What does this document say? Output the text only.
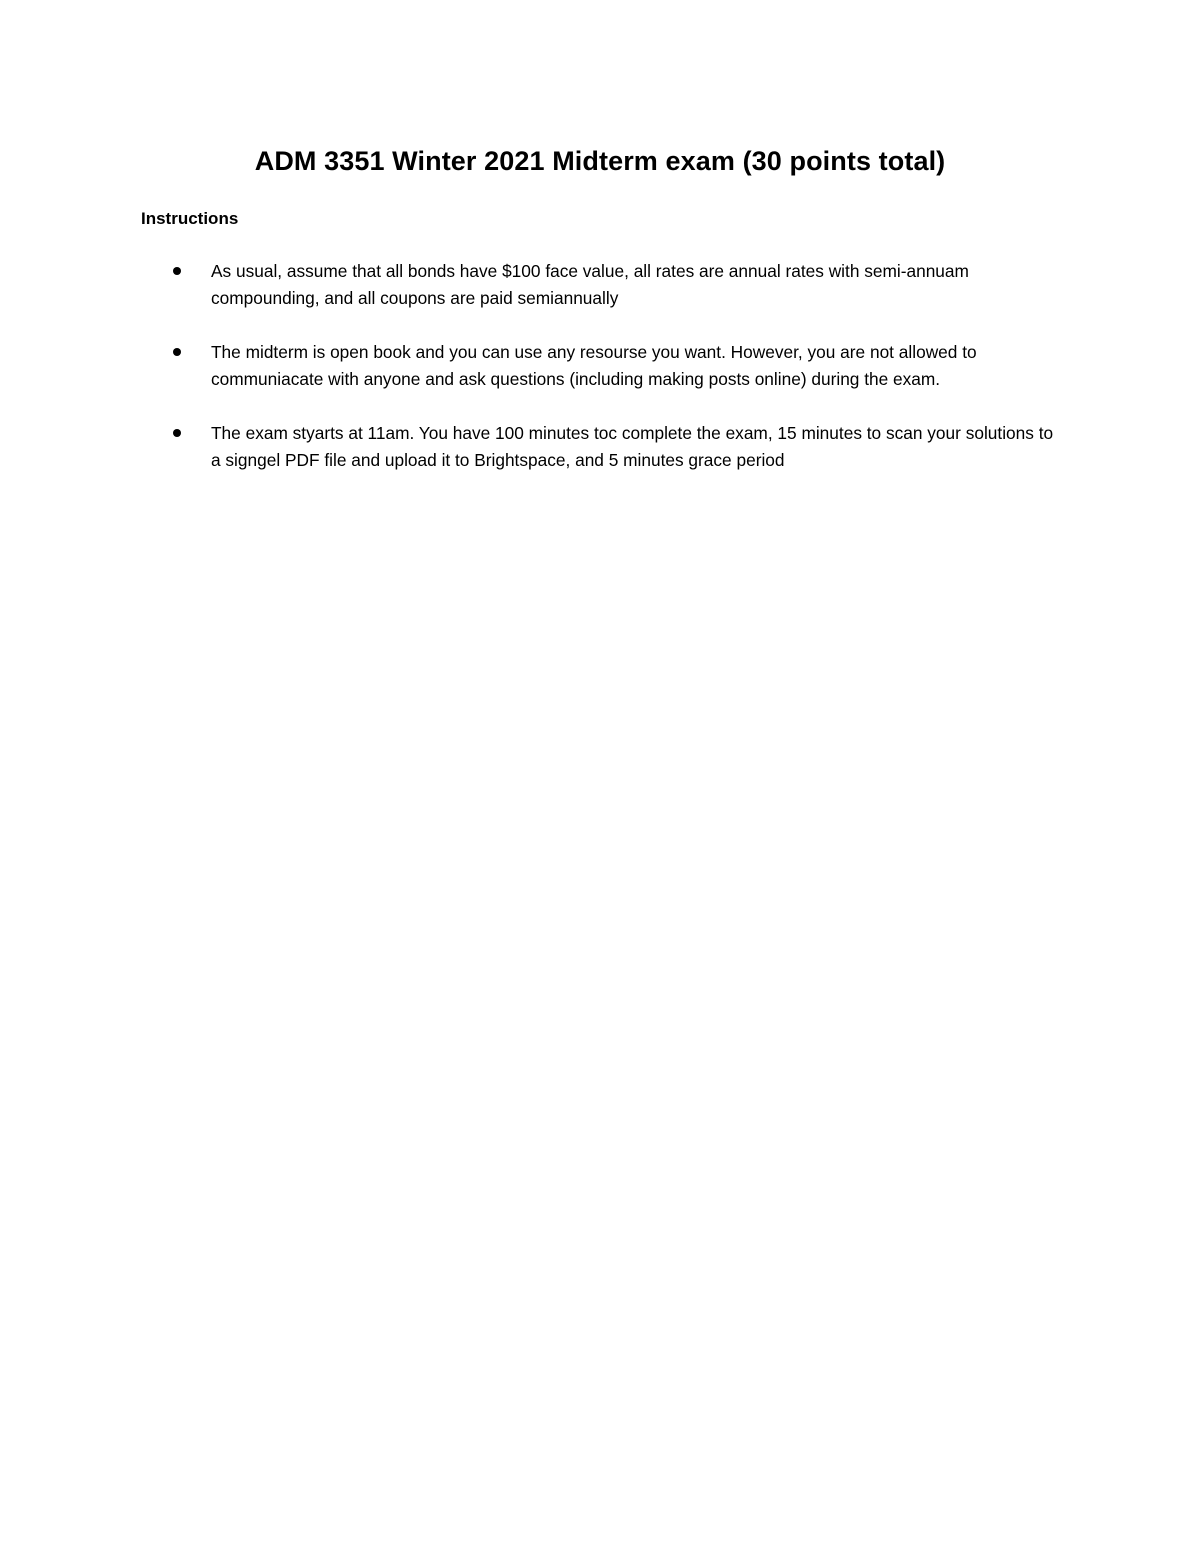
ADM 3351 Winter 2021 Midterm exam (30 points total)
Instructions
As usual, assume that all bonds have $100 face value, all rates are annual rates with semi-annuam compounding, and all coupons are paid semiannually
The midterm is open book and you can use any resourse you want. However, you are not allowed to communiacate with anyone and ask questions (including making posts online) during the exam.
The exam styarts at 11am. You have 100 minutes toc complete the exam, 15 minutes to scan your solutions to a signgel PDF file and upload it to Brightspace, and 5 minutes grace period
